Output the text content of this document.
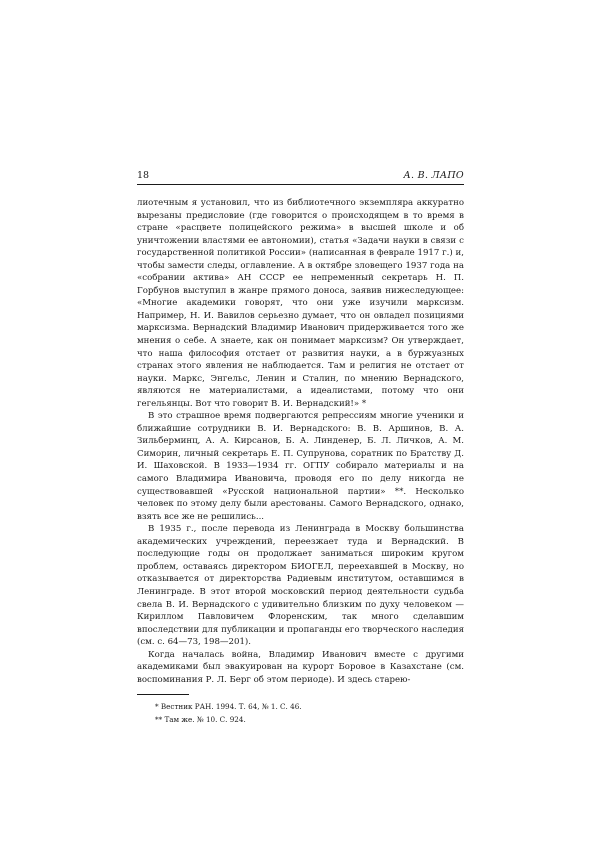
18	А. В. ЛАПО

лиотечным я установил, что из библиотечного экземпляра аккуратно вырезаны предисловие (где говорится о происходящем в то время в стране «расцвете полицейского режима» в высшей школе и об уничтожении властями ее автономии), статья «Задачи науки в связи с государственной политикой России» (написанная в феврале 1917 г.) и, чтобы замести следы, оглавление. А в октябре зловещего 1937 года на «собрании актива» АН СССР ее непременный секретарь Н. П. Горбунов выступил в жанре прямого доноса, заявив нижеследующее: «Многие академики говорят, что они уже изучили марксизм. Например, Н. И. Вавилов серьезно думает, что он овладел позициями марксизма. Вернадский Владимир Иванович придерживается того же мнения о себе. А знаете, как он понимает марксизм? Он утверждает, что наша философия отстает от развития науки, а в буржуазных странах этого явления не наблюдается. Там и религия не отстает от науки. Маркс, Энгельс, Ленин и Сталин, по мнению Вернадского, являются не материалистами, а идеалистами, потому что они гегельянцы. Вот что говорит В. И. Вернадский!» *

В это страшное время подвергаются репрессиям многие ученики и ближайшие сотрудники В. И. Вернадского: В. В. Аршинов, В. А. Зильберминц, А. А. Кирсанов, Б. А. Линденер, Б. Л. Личков, А. М. Симорин, личный секретарь Е. П. Супрунова, соратник по Братству Д. И. Шаховской. В 1933—1934 гг. ОГПУ собирало материалы и на самого Владимира Ивановича, проводя его по делу никогда не существовавшей «Русской национальной партии» **. Несколько человек по этому делу были арестованы. Самого Вернадского, однако, взять все же не решились...

В 1935 г., после перевода из Ленинграда в Москву большинства академических учреждений, переезжает туда и Вернадский. В последующие годы он продолжает заниматься широким кругом проблем, оставаясь директором БИОГЕЛ, переехавшей в Москву, но отказывается от директорства Радиевым институтом, оставшимся в Ленинграде. В этот второй московский период деятельности судьба свела В. И. Вернадского с удивительно близким по духу человеком — Кириллом Павловичем Флоренским, так много сделавшим впоследствии для публикации и пропаганды его творческого наследия (см. с. 64—73, 198—201).

Когда началась война, Владимир Иванович вместе с другими академиками был эвакуирован на курорт Боровое в Казахстане (см. воспоминания Р. Л. Берг об этом периоде). И здесь старею-

* Вестник РАН. 1994. Т. 64, № 1. С. 46.

** Там же. № 10. С. 924.
